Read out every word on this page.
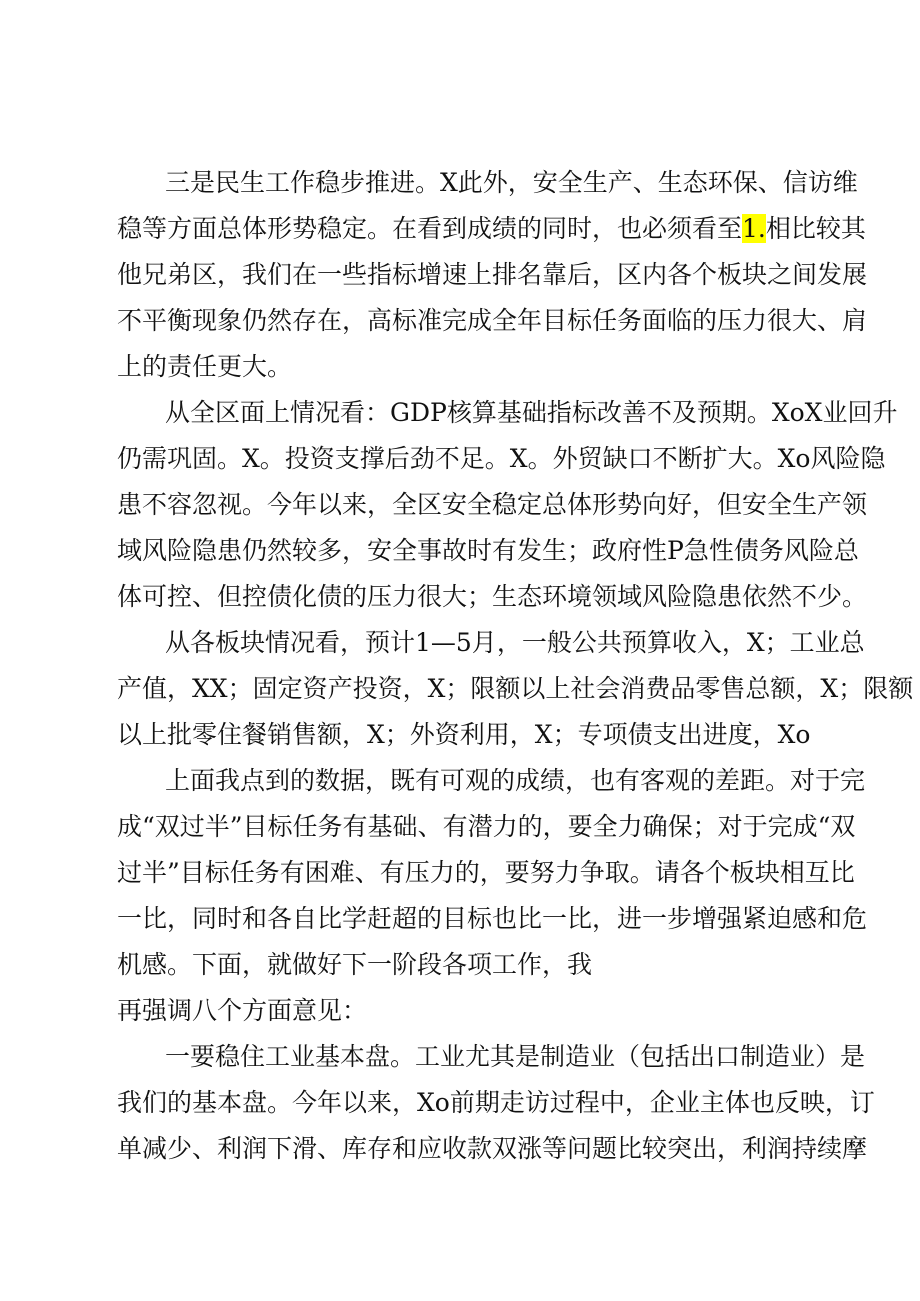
三是民生工作稳步推进。X此外，安全生产、生态环保、信访维
稳等方面总体形势稳定。在看到成绩的同时，也必须看至1.相比较其
他兄弟区，我们在一些指标增速上排名靠后，区内各个板块之间发展
不平衡现象仍然存在，高标准完成全年目标任务面临的压力很大、肩
上的责任更大。
从全区面上情况看：GDP核算基础指标改善不及预期。XoX业回升
仍需巩固。X。投资支撑后劲不足。X。外贸缺口不断扩大。Xo风险隐
患不容忽视。今年以来，全区安全稳定总体形势向好，但安全生产领
域风险隐患仍然较多，安全事故时有发生；政府性P急性债务风险总
体可控、但控债化债的压力很大；生态环境领域风险隐患依然不少。
从各板块情况看，预计1—5月，一般公共预算收入，X；工业总
产值，XX；固定资产投资，X；限额以上社会消费品零售总额，X；限额
以上批零住餐销售额，X；外资利用，X；专项债支出进度，Xo
上面我点到的数据，既有可观的成绩，也有客观的差距。对于完
成“双过半”目标任务有基础、有潜力的，要全力确保；对于完成“双
过半”目标任务有困难、有压力的，要努力争取。请各个板块相互比
一比，同时和各自比学赶超的目标也比一比，进一步增强紧迫感和危
机感。下面，就做好下一阶段各项工作，我
再强调八个方面意见：
一要稳住工业基本盘。工业尤其是制造业（包括出口制造业）是
我们的基本盘。今年以来，Xo前期走访过程中，企业主体也反映，订
单减少、利润下滑、库存和应收款双涨等问题比较突出，利润持续摩
